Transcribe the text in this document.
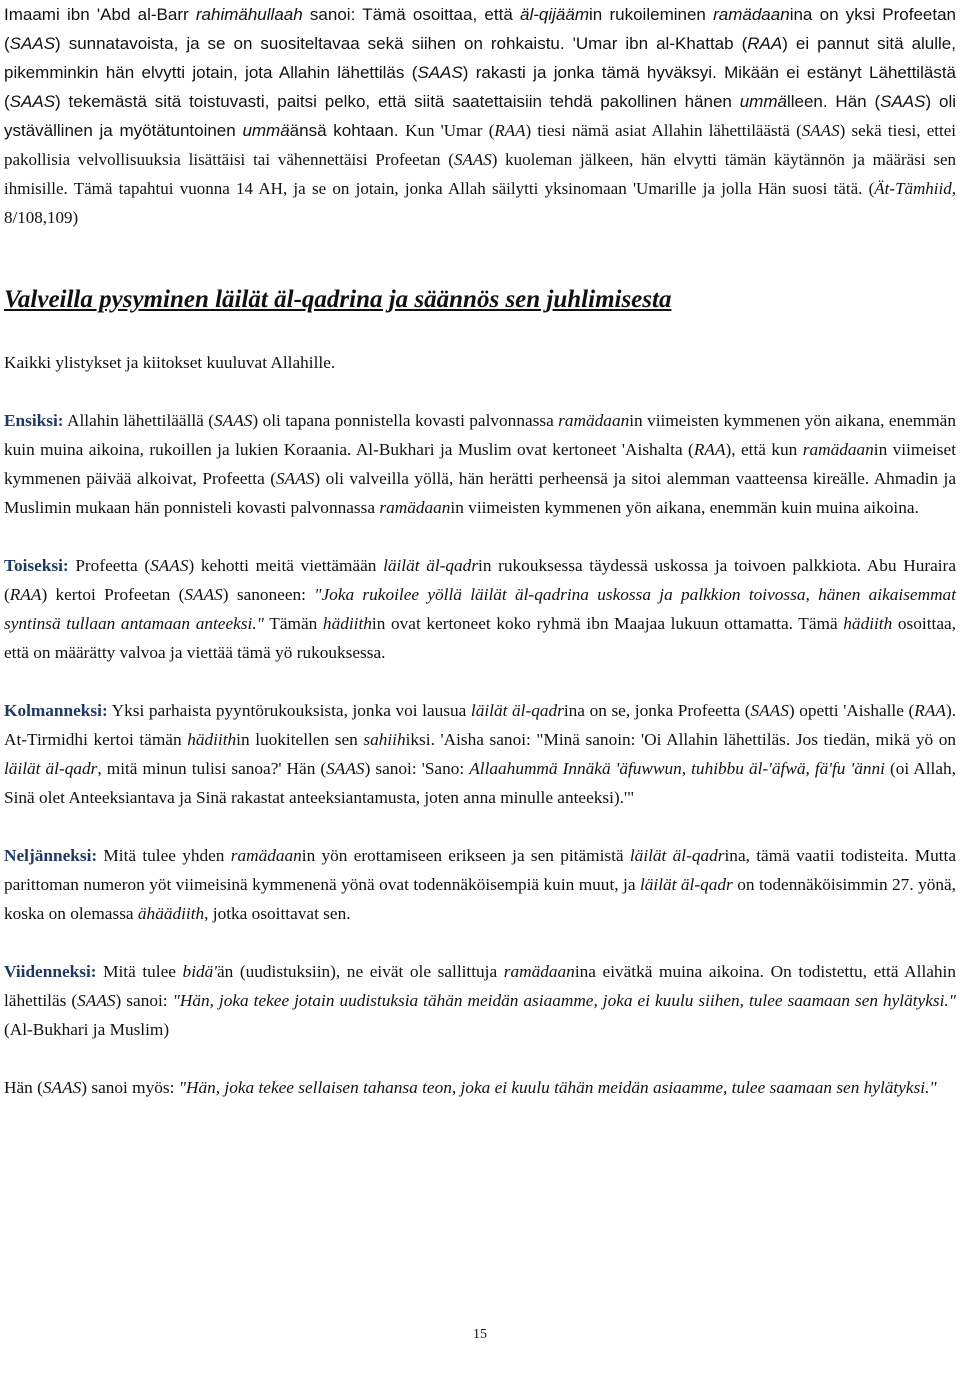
Imaami ibn 'Abd al-Barr rahimähullaah sanoi: Tämä osoittaa, että äl-qijäämin rukoileminen ramädaanina on yksi Profeetan (SAAS) sunnatavoista, ja se on suositeltavaa sekä siihen on rohkaistu. 'Umar ibn al-Khattab (RAA) ei pannut sitä alulle, pikemminkin hän elvytti jotain, jota Allahin lähettiläs (SAAS) rakasti ja jonka tämä hyväksyi. Mikään ei estänyt Lähettilästä (SAAS) tekemästä sitä toistuvasti, paitsi pelko, että siitä saatettaisiin tehdä pakollinen hänen ummälleen. Hän (SAAS) oli ystävällinen ja myötätuntoinen ummäänsä kohtaan. Kun 'Umar (RAA) tiesi nämä asiat Allahin lähettiläästä (SAAS) sekä tiesi, ettei pakollisia velvollisuuksia lisättäisi tai vähennettäisi Profeetan (SAAS) kuoleman jälkeen, hän elvytti tämän käytännön ja määräsi sen ihmisille. Tämä tapahtui vuonna 14 AH, ja se on jotain, jonka Allah säilytti yksinomaan 'Umarille ja jolla Hän suosi tätä. (Ät-Tämhiid, 8/108,109)

Valveilla pysyminen läilät äl-qadrina ja säännös sen juhlimisesta

Kaikki ylistykset ja kiitokset kuuluvat Allahille.

Ensiksi: Allahin lähettiläällä (SAAS) oli tapana ponnistella kovasti palvonnassa ramädaanin viimeisten kymmenen yön aikana, enemmän kuin muina aikoina, rukoillen ja lukien Koraania. Al-Bukhari ja Muslim ovat kertoneet 'Aishalta (RAA), että kun ramädaanin viimeiset kymmenen päivää alkoivat, Profeetta (SAAS) oli valveilla yöllä, hän herätti perheensä ja sitoi alemman vaatteensa kireälle. Ahmadin ja Muslimin mukaan hän ponnisteli kovasti palvonnassa ramädaanin viimeisten kymmenen yön aikana, enemmän kuin muina aikoina.

Toiseksi: Profeetta (SAAS) kehotti meitä viettämään läilät äl-qadrin rukouksessa täydessä uskossa ja toivoen palkkiota. Abu Huraira (RAA) kertoi Profeetan (SAAS) sanoneen: "Joka rukoilee yöllä läilät äl-qadrina uskossa ja palkkion toivossa, hänen aikaisemmat syntinsä tullaan antamaan anteeksi." Tämän hädiithin ovat kertoneet koko ryhmä ibn Maajaa lukuun ottamatta. Tämä hädiith osoittaa, että on määrätty valvoa ja viettää tämä yö rukouksessa.

Kolmanneksi: Yksi parhaista pyyntörukouksista, jonka voi lausua läilät äl-qadrina on se, jonka Profeetta (SAAS) opetti 'Aishalle (RAA). At-Tirmidhi kertoi tämän hädiithin luokitellen sen sahiihiksi. 'Aisha sanoi: "Minä sanoin: 'Oi Allahin lähettiläs. Jos tiedän, mikä yö on läilät äl-qadr, mitä minun tulisi sanoa?' Hän (SAAS) sanoi: 'Sano: Allaahummä Innäkä 'äfuwwun, tuhibbu äl-'äfwä, fä'fu 'änni (oi Allah, Sinä olet Anteeksiantava ja Sinä rakastat anteeksiantamusta, joten anna minulle anteeksi).'"

Neljänneksi: Mitä tulee yhden ramädaanin yön erottamiseen erikseen ja sen pitämistä läilät äl-qadrina, tämä vaatii todisteita. Mutta parittoman numeron yöt viimeisinä kymmenenä yönä ovat todennäköisempiä kuin muut, ja läilät äl-qadr on todennäköisimmin 27. yönä, koska on olemassa ähäädiith, jotka osoittavat sen.

Viidenneksi: Mitä tulee bidä'än (uudistuksiin), ne eivät ole sallittuja ramädaanina eivätkä muina aikoina. On todistettu, että Allahin lähettiläs (SAAS) sanoi: "Hän, joka tekee jotain uudistuksia tähän meidän asiaamme, joka ei kuulu siihen, tulee saamaan sen hylätyksi." (Al-Bukhari ja Muslim)

Hän (SAAS) sanoi myös: "Hän, joka tekee sellaisen tahansa teon, joka ei kuulu tähän meidän asiaamme, tulee saamaan sen hylätyksi."

15
